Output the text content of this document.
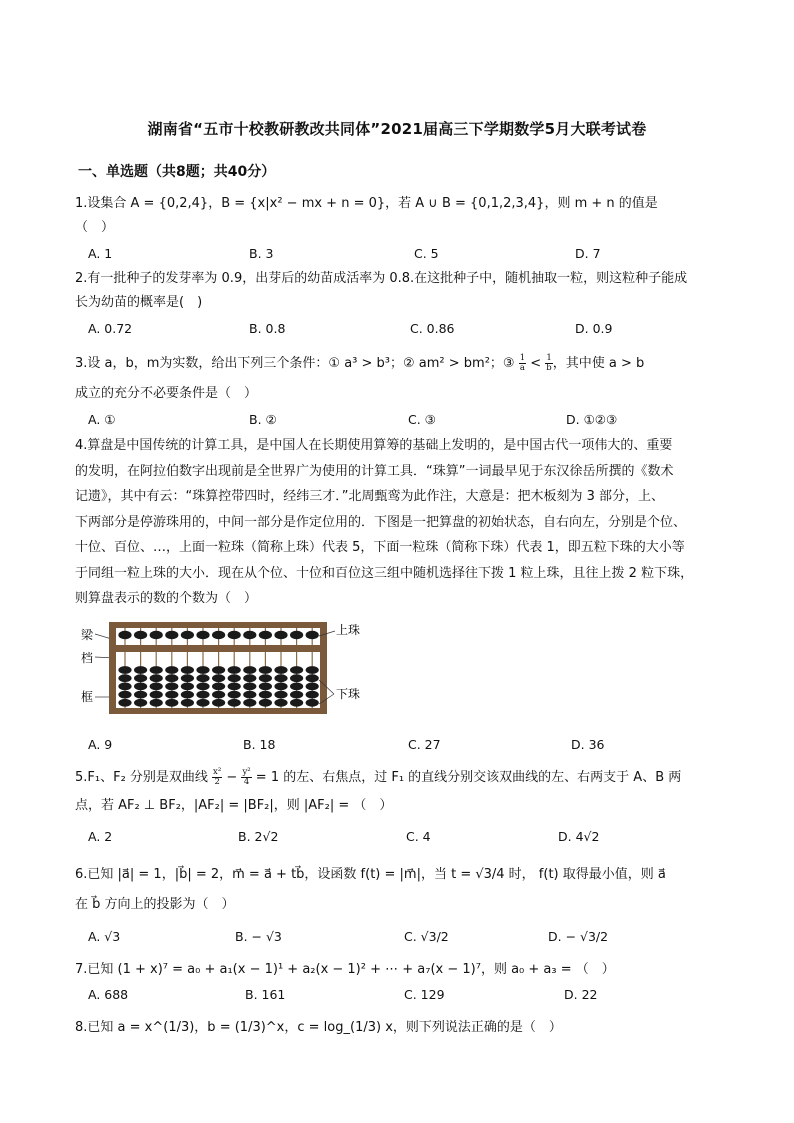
湖南省“五市十校教研教改共同体”2021届高三下学期数学5月大联考试卷
一、单选题（共8题；共40分）
1.设集合 A = {0,2,4}，B = {x|x² − mx + n = 0}，若 A ∪ B = {0,1,2,3,4}，则 m + n 的值是
（　）
A. 1	B. 3	C. 5	D. 7
2.有一批种子的发芽率为 0.9，出芽后的幼苗成活率为 0.8.在这批种子中，随机抽取一粒，则这粒种子能成
长为幼苗的概率是(　)
A. 0.72	B. 0.8	C. 0.86	D. 0.9
3.设 a，b，m为实数，给出下列三个条件：① a³ > b³；② am² > bm²；③ $\frac{1}{a} < \frac{1}{b}$ ，其中使 a > b
成立的充分不必要条件是（　）
A. ①	B. ②	C. ③	D. ①②③
4.算盘是中国传统的计算工具，是中国人在长期使用算筹的基础上发明的，是中国古代一项伟大的、重要
的发明，在阿拉伯数字出现前是全世界广为使用的计算工具．“珠算”一词最早见于东汉徐岳所撰的《数术
记遗》，其中有云：“珠算控带四时，经纬三才．”北周甄鸾为此作注，大意是：把木板刻为 3 部分，上、
下两部分是停游珠用的，中间一部分是作定位用的．下图是一把算盘的初始状态，自右向左，分别是个位、
十位、百位、…，上面一粒珠（简称上珠）代表 5，下面一粒珠（简称下珠）代表 1，即五粒下珠的大小等
于同组一粒上珠的大小．现在从个位、十位和百位这三组中随机选择往下拨 1 粒上珠，且往上拨 2 粒下珠，
则算盘表示的数的个数为（　）
梁
档
框
上珠
下珠
A. 9	B. 18	C. 27	D. 36
5.F₁、F₂ 分别是双曲线 $\frac{\text{x²}}{2} - \frac{\text{y²}}{4} = 1$ 的左、右焦点，过 F₁ 的直线分别交该双曲线的左、右两支于 A、B 两
点，若 AF₂ ⊥ BF₂，|AF₂| = |BF₂|，则 |AF₂| = （　）
A. 2	B. 2√2	C. 4	D. 4√2
6.已知 |a⃗| = 1，|b⃗| = 2，m⃗ = a⃗ + tb⃗，设函数 f(t) = |m⃗|，当 t = √3/4 时， f(t) 取得最小值，则 a⃗
在 b⃗ 方向上的投影为（　）
A. √3	B. − √3	C. √3/2	D. − √3/2
7.已知 (1 + x)⁷ = a₀ + a₁(x − 1)¹ + a₂(x − 1)² + ⋯ + a₇(x − 1)⁷，则 a₀ + a₃ = （　）
A. 688	B. 161	C. 129	D. 22
8.已知 a = x^(1/3)，b = (1/3)^x，c = log_(1/3) x，则下列说法正确的是（　）
